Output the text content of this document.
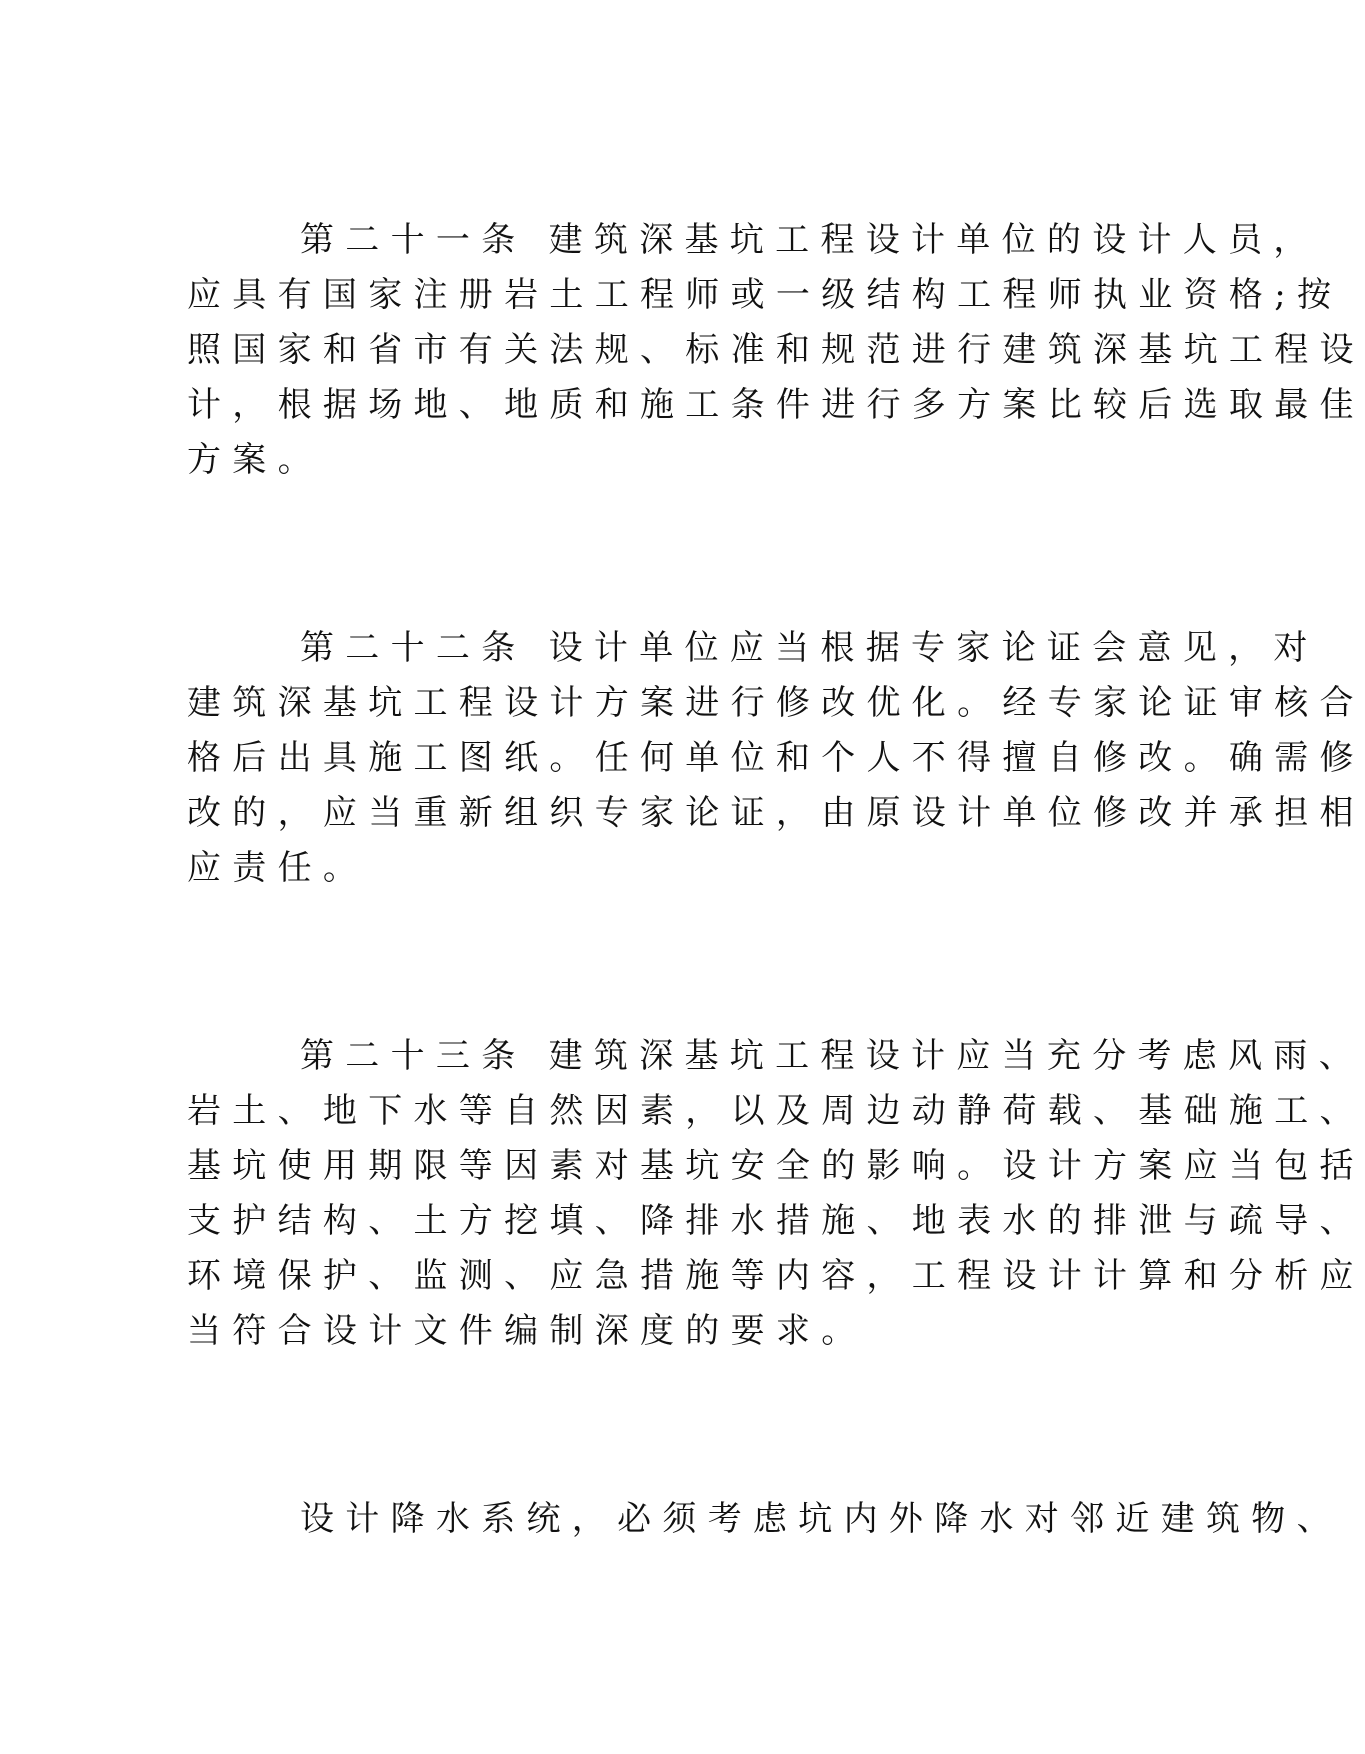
第二十一条 建筑深基坑工程设计单位的设计人员，
应具有国家注册岩土工程师或一级结构工程师执业资格;按
照国家和省市有关法规、标准和规范进行建筑深基坑工程设
计，根据场地、地质和施工条件进行多方案比较后选取最佳
方案。
第二十二条 设计单位应当根据专家论证会意见，对
建筑深基坑工程设计方案进行修改优化。经专家论证审核合
格后出具施工图纸。任何单位和个人不得擅自修改。确需修
改的，应当重新组织专家论证，由原设计单位修改并承担相
应责任。
第二十三条 建筑深基坑工程设计应当充分考虑风雨、
岩土、地下水等自然因素，以及周边动静荷载、基础施工、
基坑使用期限等因素对基坑安全的影响。设计方案应当包括
支护结构、土方挖填、降排水措施、地表水的排泄与疏导、
环境保护、监测、应急措施等内容，工程设计计算和分析应
当符合设计文件编制深度的要求。
设计降水系统，必须考虑坑内外降水对邻近建筑物、
